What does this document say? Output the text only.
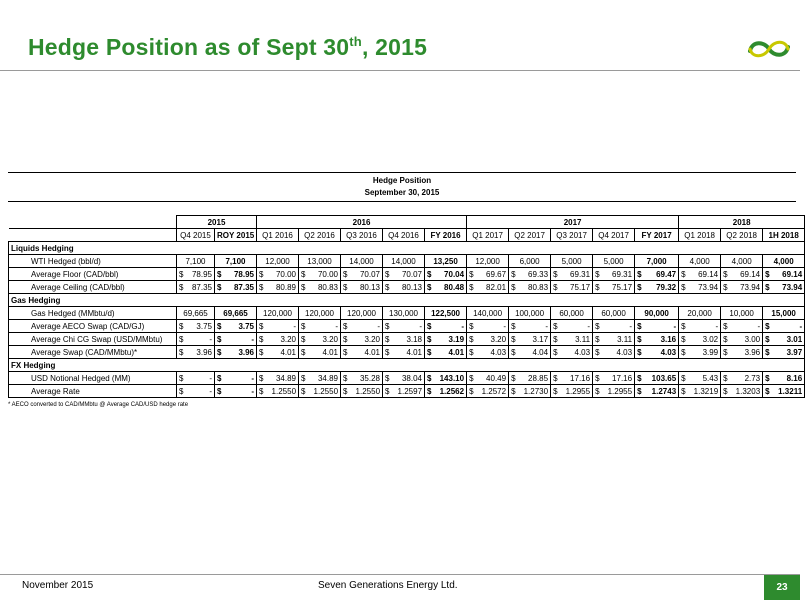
Hedge Position as of Sept 30th, 2015
Hedge Position
September 30, 2015
	2015		2016					2017					2018		
	Q4 2015	ROY 2015	Q1 2016	Q2 2016	Q3 2016	Q4 2016	FY 2016	Q1 2017	Q2 2017	Q3 2017	Q4 2017	FY 2017	Q1 2018	Q2 2018	1H 2018
Liquids Hedging															
WTI Hedged (bbl/d)	7,100	7,100	12,000	13,000	14,000	14,000	13,250	12,000	6,000	5,000	5,000	7,000	4,000	4,000	4,000
Average Floor (CAD/bbl)	$ 78.95	$ 78.95	$ 70.00	$ 70.00	$ 70.07	$ 70.07	$ 70.04	$ 69.67	$ 69.33	$ 69.31	$ 69.31	$ 69.47	$ 69.14	$ 69.14	$ 69.14

Average Ceiling (CAD/bbl)	$ 87.35	$ 87.35	$ 80.89	$ 80.83	$ 80.13	$ 80.13	$ 80.48	$ 82.01	$ 80.83	$ 75.17	$ 75.17	$ 79.32	$ 73.94	$ 73.94	$ 73.94

Gas Hedging															
Gas Hedged (MMbtu/d)	69,665	69,665	120,000	120,000	120,000	130,000	122,500	140,000	100,000	60,000	60,000	90,000	20,000	10,000	15,000
Average AECO Swap (CAD/GJ)	$ 3.75	$ 3.75	$ -	$ -	$ -	$ -	$ -	$ -	$ -	$ -	$ -	$ -	$ -	$ -	$ -

Average Chi CG Swap (USD/MMbtu)	$ -	$ -	$ 3.20	$ 3.20	$ 3.20	$ 3.18	$ 3.19	$ 3.20	$ 3.17	$ 3.11	$ 3.11	$ 3.16	$ 3.02	$ 3.00	$ 3.01

Average Swap (CAD/MMbtu)*	$ 3.96	$ 3.96	$ 4.01	$ 4.01	$ 4.01	$ 4.01	$ 4.01	$ 4.03	$ 4.04	$ 4.03	$ 4.03	$ 4.03	$ 3.99	$ 3.96	$ 3.97

FX Hedging															
USD Notional Hedged (MM)	$ -	$ -	$ 34.89	$ 34.89	$ 35.28	$ 38.04	$ 143.10	$ 40.49	$ 28.85	$ 17.16	$ 17.16	$ 103.65	$ 5.43	$ 2.73	$ 8.16

Average Rate	$ -	$ -	$ 1.2550	$ 1.2550	$ 1.2550	$ 1.2597	$ 1.2562	$ 1.2572	$ 1.2730	$ 1.2955	$ 1.2955	$ 1.2743	$ 1.3219	$ 1.3203	$ 1.3211
* AECO converted to CAD/MMbtu @ Average CAD/USD hedge rate
November 2015	Seven Generations Energy Ltd.	23
